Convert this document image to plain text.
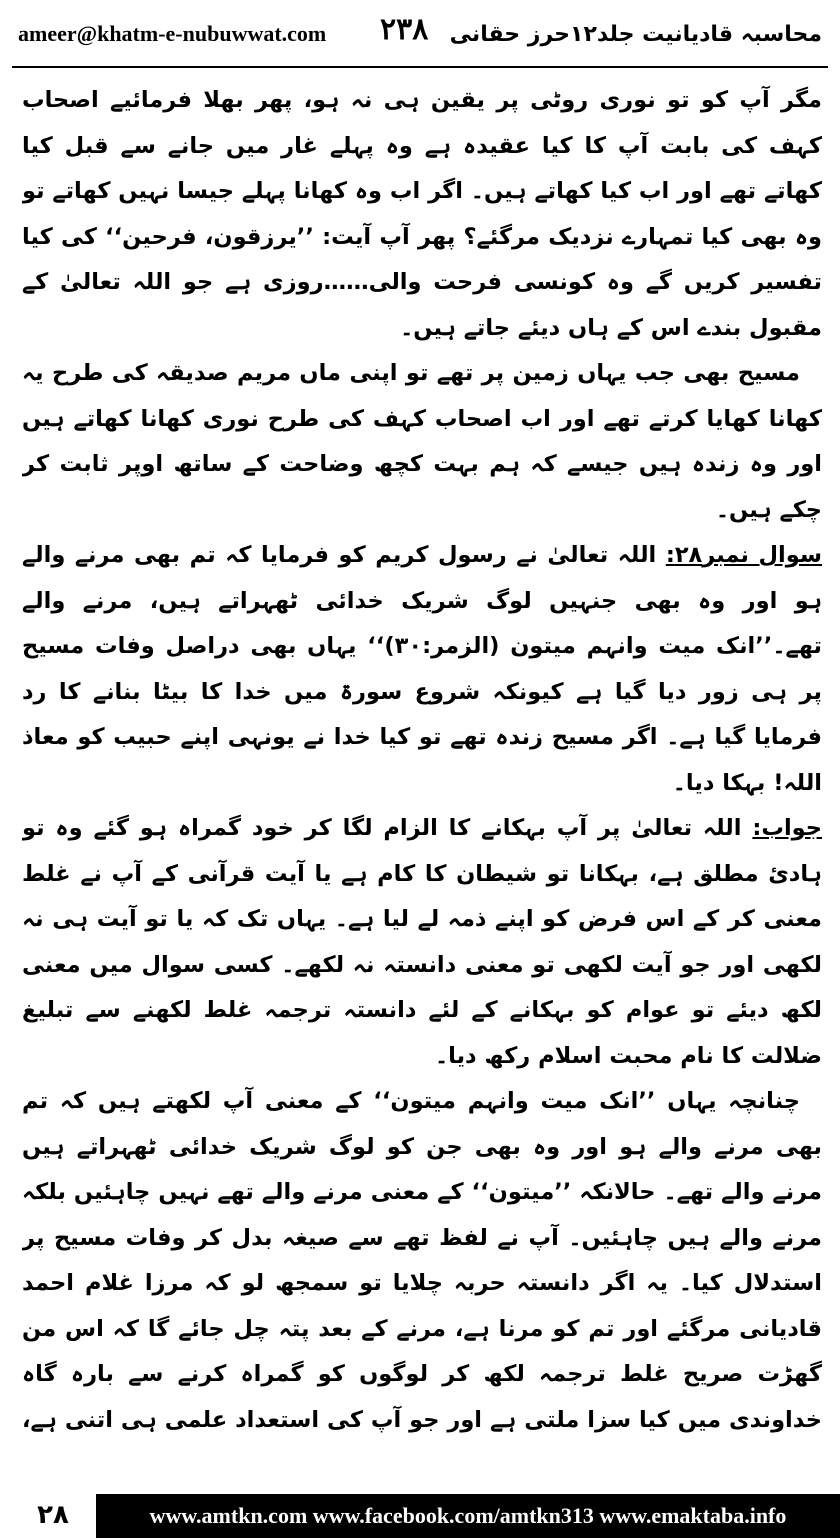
ameer@khatm-e-nubuwwat.com ۲۳۸ محاسبہ قادیانیت جلد۱۲حرز حقانی

مگر آپ کو تو نوری روٹی پر یقین ہی نہ ہو، پھر بھلا فرمائیے اصحاب کہف کی بابت آپ کا کیا عقیدہ ہے وہ پہلے غار میں جانے سے قبل کیا کھاتے تھے اور اب کیا کھاتے ہیں۔ اگر اب وہ کھانا پہلے جیسا نہیں کھاتے تو وہ بھی کیا تمہارے نزدیک مرگئے؟ پھر آپ آیت: ’’یرزقون، فرحین‘‘ کی کیا تفسیر کریں گے وہ کونسی فرحت والی……روزی ہے جو اللہ تعالیٰ کے مقبول بندے اس کے ہاں دیئے جاتے ہیں۔

مسیح بھی جب یہاں زمین پر تھے تو اپنی ماں مریم صدیقہ کی طرح یہ کھانا کھایا کرتے تھے اور اب اصحاب کہف کی طرح نوری کھانا کھاتے ہیں اور وہ زندہ ہیں جیسے کہ ہم بہت کچھ وضاحت کے ساتھ اوپر ثابت کر چکے ہیں۔

سوال نمبر۲۸: اللہ تعالیٰ نے رسول کریم کو فرمایا کہ تم بھی مرنے والے ہو اور وہ بھی جنہیں لوگ شریک خدائی ٹھہراتے ہیں، مرنے والے تھے۔’’انک میت وانہم میتون (الزمر:۳۰)‘‘ یہاں بھی دراصل وفات مسیح پر ہی زور دیا گیا ہے کیونکہ شروع سورۃ میں خدا کا بیٹا بنانے کا رد فرمایا گیا ہے۔ اگر مسیح زندہ تھے تو کیا خدا نے یونہی اپنے حبیب کو معاذ اللہ! بہکا دیا۔

جواب: اللہ تعالیٰ پر آپ بہکانے کا الزام لگا کر خود گمراہ ہو گئے وہ تو ہادیٔ مطلق ہے، بہکانا تو شیطان کا کام ہے یا آیت قرآنی کے آپ نے غلط معنی کر کے اس فرض کو اپنے ذمہ لے لیا ہے۔ یہاں تک کہ یا تو آیت ہی نہ لکھی اور جو آیت لکھی تو معنی دانستہ نہ لکھے۔ کسی سوال میں معنی لکھ دیئے تو عوام کو بہکانے کے لئے دانستہ ترجمہ غلط لکھنے سے تبلیغ ضلالت کا نام محبت اسلام رکھ دیا۔

چنانچہ یہاں ’’انک میت وانہم میتون‘‘ کے معنی آپ لکھتے ہیں کہ تم بھی مرنے والے ہو اور وہ بھی جن کو لوگ شریک خدائی ٹھہراتے ہیں مرنے والے تھے۔ حالانکہ ’’میتون‘‘ کے معنی مرنے والے تھے نہیں چاہئیں بلکہ مرنے والے ہیں چاہئیں۔ آپ نے لفظ تھے سے صیغہ بدل کر وفات مسیح پر استدلال کیا۔ یہ اگر دانستہ حربہ چلایا تو سمجھ لو کہ مرزا غلام احمد قادیانی مرگئے اور تم کو مرنا ہے، مرنے کے بعد پتہ چل جائے گا کہ اس من گھڑت صریح غلط ترجمہ لکھ کر لوگوں کو گمراہ کرنے سے بارہ گاہ خداوندی میں کیا سزا ملتی ہے اور جو آپ کی استعداد علمی ہی اتنی ہے،

۲۸	www.amtkn.com www.facebook.com/amtkn313 www.emaktaba.info
